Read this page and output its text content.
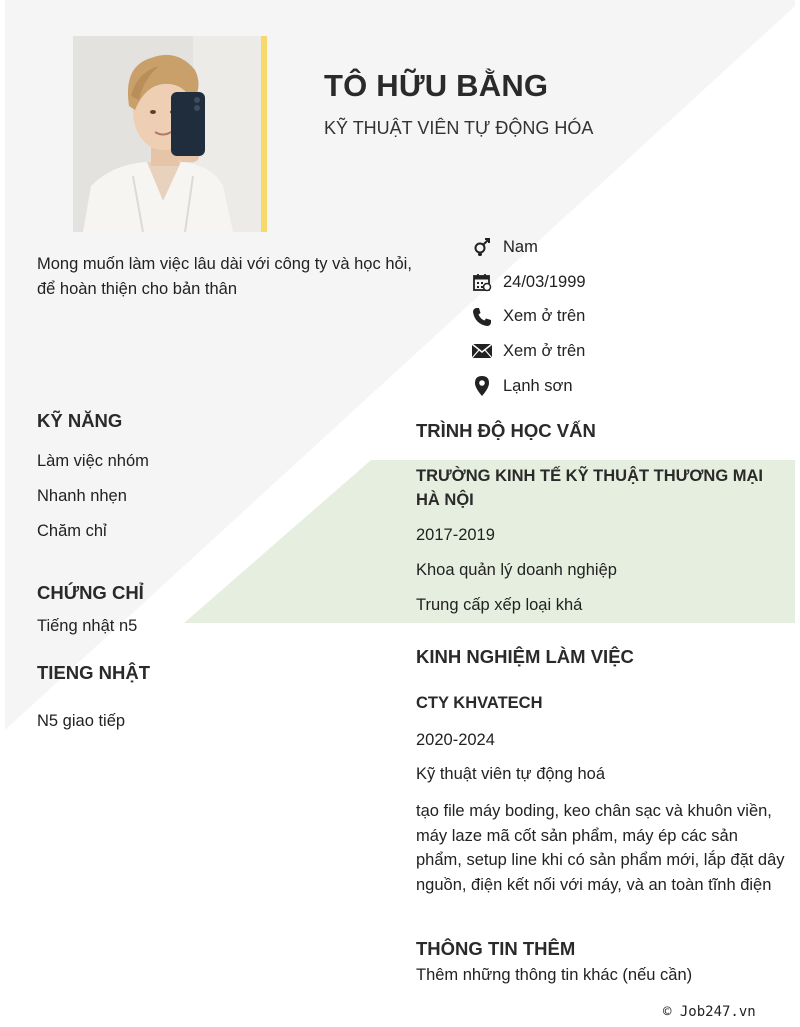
TÔ HỮU BẰNG
KỸ THUẬT VIÊN TỰ ĐỘNG HÓA
Mong muốn làm việc lâu dài với công ty và học hỏi, để hoàn thiện cho bản thân
Nam
24/03/1999
Xem ở trên
Xem ở trên
Lạnh sơn
KỸ NĂNG
Làm việc nhóm
Nhanh nhẹn
Chăm chỉ
CHỨNG CHỈ
Tiếng nhật n5
TIENG NHẬT
N5 giao tiếp
TRÌNH ĐỘ HỌC VẤN
TRƯỜNG KINH TẾ KỸ THUẬT THƯƠNG MẠI HÀ NỘI
2017-2019
Khoa quản lý doanh nghiệp
Trung cấp xếp loại khá
KINH NGHIỆM LÀM VIỆC
CTY KHVATECH
2020-2024
Kỹ thuật viên tự động hoá
tạo file máy boding, keo chân sạc và khuôn viền, máy laze mã cốt sản phẩm, máy ép các sản phẩm, setup line khi có sản phẩm mới, lắp đặt dây nguồn, điện kết nối với máy, và an toàn tĩnh điện
THÔNG TIN THÊM
Thêm những thông tin khác (nếu cần)
© Job247.vn
